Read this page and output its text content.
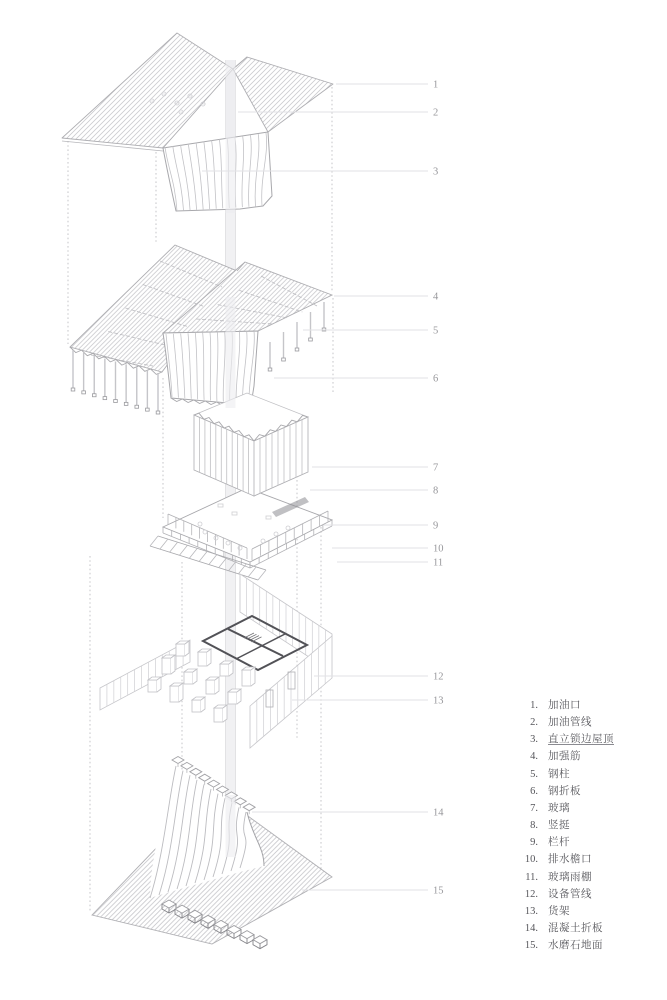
1
2
3
4
5
6
7
8
9
10
11
12
13
14
15
1. 加油口
2. 加油管线
3. 直立锁边屋顶
4. 加强筋
5. 钢柱
6. 钢折板
7. 玻璃
8. 竖挺
9. 栏杆
10. 排水檐口
11. 玻璃雨棚
12. 设备管线
13. 货架
14. 混凝土折板
15. 水磨石地面
